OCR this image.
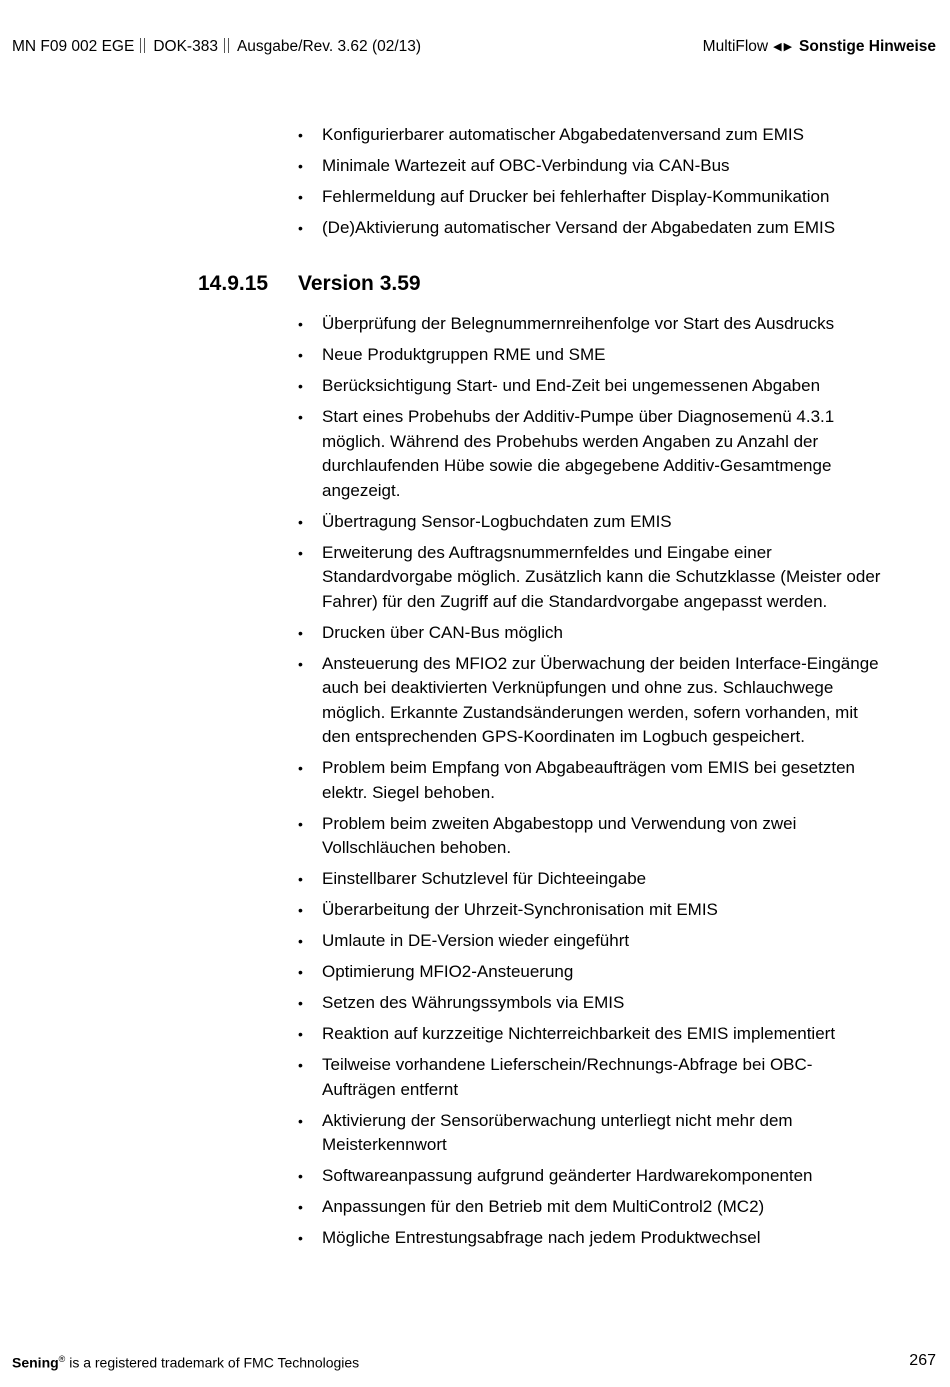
MN F09 002 EGE DOK-383 Ausgabe/Rev. 3.62 (02/13)	MultiFlow ◀ ▶ Sonstige Hinweise
• Konfigurierbarer automatischer Abgabedatenversand zum EMIS
• Minimale Wartezeit auf OBC-Verbindung via CAN-Bus
• Fehlermeldung auf Drucker bei fehlerhafter Display-Kommunikation
• (De)Aktivierung automatischer Versand der Abgabedaten zum EMIS
14.9.15 Version 3.59
• Überprüfung der Belegnummernreihenfolge vor Start des Ausdrucks
• Neue Produktgruppen RME und SME
• Berücksichtigung Start- und End-Zeit bei ungemessenen Abgaben
• Start eines Probehubs der Additiv-Pumpe über Diagnosemenü 4.3.1 möglich. Während des Probehubs werden Angaben zu Anzahl der durchlaufenden Hübe sowie die abgegebene Additiv-Gesamtmenge angezeigt.
• Übertragung Sensor-Logbuchdaten zum EMIS
• Erweiterung des Auftragsnummernfeldes und Eingabe einer Standardvorgabe möglich. Zusätzlich kann die Schutzklasse (Meister oder Fahrer) für den Zugriff auf die Standardvorgabe angepasst werden.
• Drucken über CAN-Bus möglich
• Ansteuerung des MFIO2 zur Überwachung der beiden Interface-Eingänge auch bei deaktivierten Verknüpfungen und ohne zus. Schlauchwege möglich. Erkannte Zustandsänderungen werden, sofern vorhanden, mit den entsprechenden GPS-Koordinaten im Logbuch gespeichert.
• Problem beim Empfang von Abgabeaufträgen vom EMIS bei gesetzten elektr. Siegel behoben.
• Problem beim zweiten Abgabestopp und Verwendung von zwei Vollschläuchen behoben.
• Einstellbarer Schutzlevel für Dichteeingabe
• Überarbeitung der Uhrzeit-Synchronisation mit EMIS
• Umlaute in DE-Version wieder eingeführt
• Optimierung MFIO2-Ansteuerung
• Setzen des Währungssymbols via EMIS
• Reaktion auf kurzzeitige Nichterreichbarkeit des EMIS implementiert
• Teilweise vorhandene Lieferschein/Rechnungs-Abfrage bei OBC-Aufträgen entfernt
• Aktivierung der Sensorüberwachung unterliegt nicht mehr dem Meisterkennwort
• Softwareanpassung aufgrund geänderter Hardwarekomponenten
• Anpassungen für den Betrieb mit dem MultiControl2 (MC2)
• Mögliche Entrestungsabfrage nach jedem Produktwechsel
Sening® is a registered trademark of FMC Technologies	267
